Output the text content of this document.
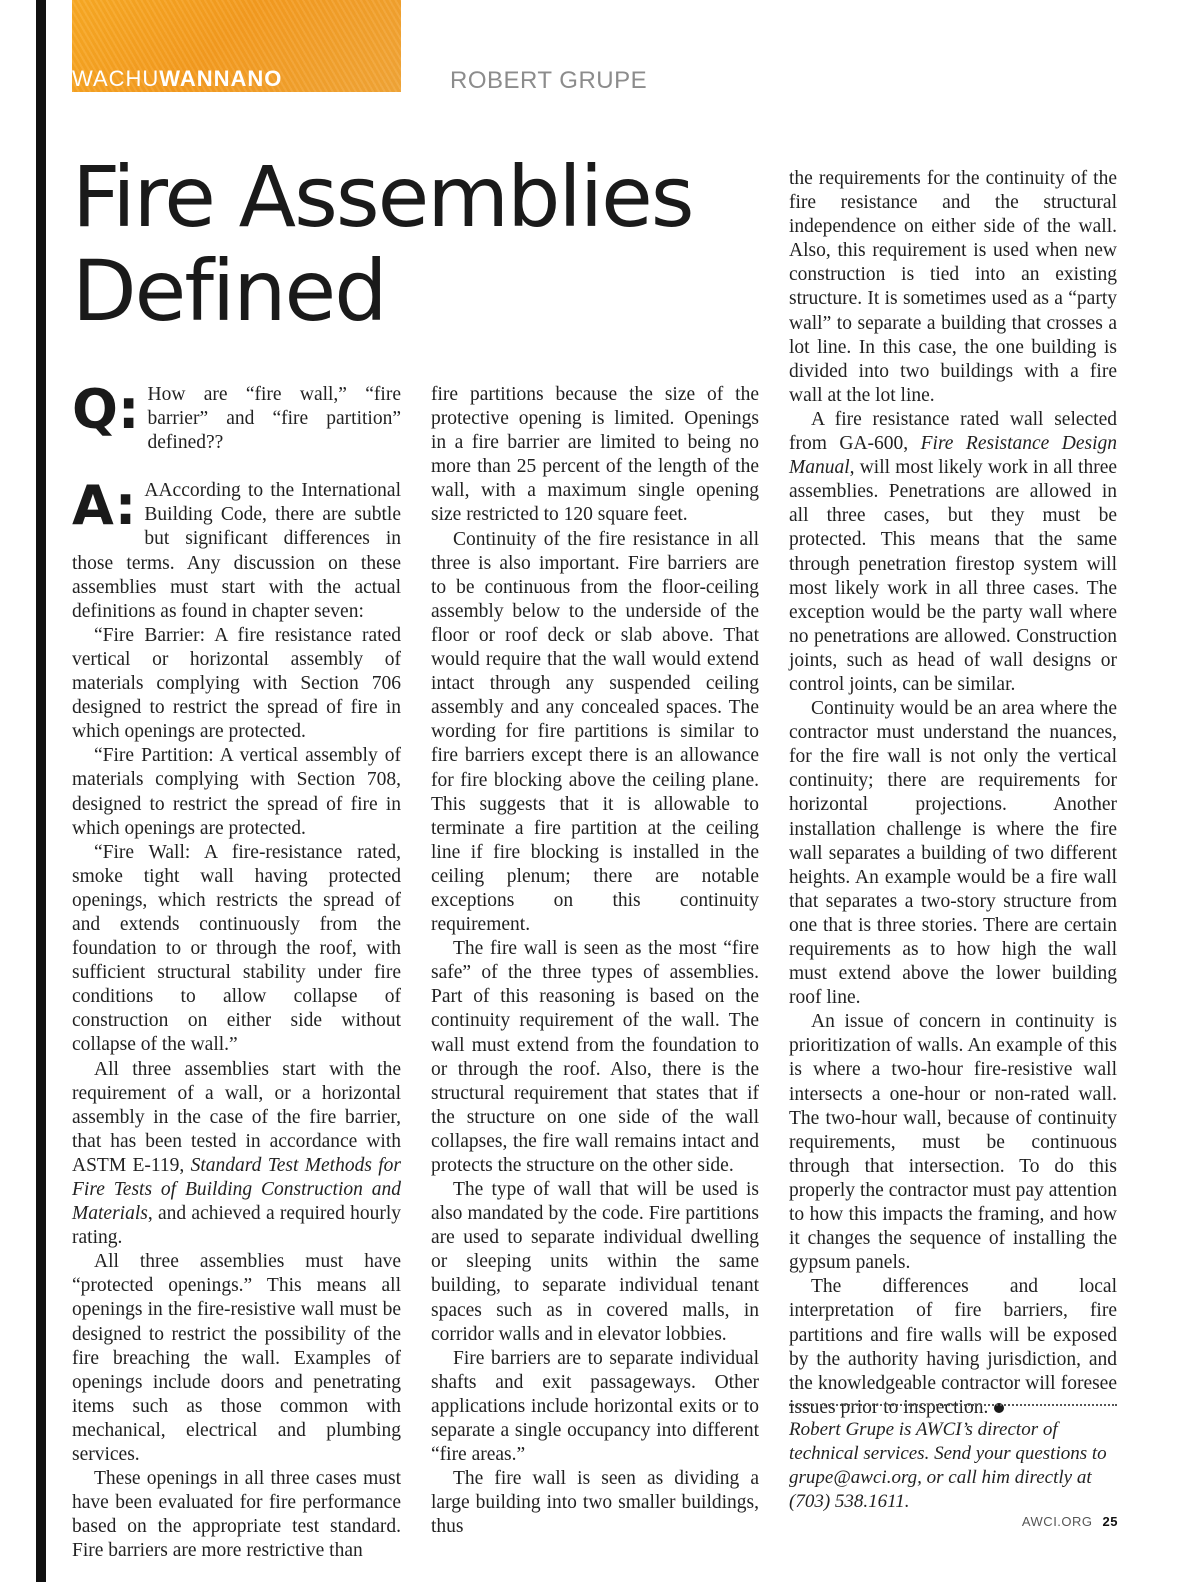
WACHUWANNANO	ROBERT GRUPE
Fire Assemblies
Defined

Q: How are “fire wall,” “fire barrier” and “fire partition” defined??

A: AAccording to the International Building Code, there are subtle but significant differences in those terms. Any discussion on these assemblies must start with the actual definitions as found in chapter seven:

“Fire Barrier: A fire resistance rated vertical or horizontal assembly of materials complying with Section 706 designed to restrict the spread of fire in which openings are protected.

“Fire Partition: A vertical assembly of materials complying with Section 708, designed to restrict the spread of fire in which openings are protected.

“Fire Wall: A fire-resistance rated, smoke tight wall having protected openings, which restricts the spread of and extends continuously from the foundation to or through the roof, with sufficient structural stability under fire conditions to allow collapse of construction on either side without collapse of the wall.”

All three assemblies start with the requirement of a wall, or a horizontal assembly in the case of the fire barrier, that has been tested in accordance with ASTM E-119, Standard Test Methods for Fire Tests of Building Construction and Materials, and achieved a required hourly rating.

All three assemblies must have “protected openings.” This means all openings in the fire-resistive wall must be designed to restrict the possibility of the fire breaching the wall. Examples of openings include doors and penetrating items such as those common with mechanical, electrical and plumbing services.

These openings in all three cases must have been evaluated for fire performance based on the appropriate test standard. Fire barriers are more restrictive than

fire partitions because the size of the protective opening is limited. Openings in a fire barrier are limited to being no more than 25 percent of the length of the wall, with a maximum single opening size restricted to 120 square feet.

Continuity of the fire resistance in all three is also important. Fire barriers are to be continuous from the floor-ceiling assembly below to the underside of the floor or roof deck or slab above. That would require that the wall would extend intact through any suspended ceiling assembly and any concealed spaces. The wording for fire partitions is similar to fire barriers except there is an allowance for fire blocking above the ceiling plane. This suggests that it is allowable to terminate a fire partition at the ceiling line if fire blocking is installed in the ceiling plenum; there are notable exceptions on this continuity requirement.

The fire wall is seen as the most “fire safe” of the three types of assemblies. Part of this reasoning is based on the continuity requirement of the wall. The wall must extend from the foundation to or through the roof. Also, there is the structural requirement that states that if the structure on one side of the wall collapses, the fire wall remains intact and protects the structure on the other side.

The type of wall that will be used is also mandated by the code. Fire partitions are used to separate individual dwelling or sleeping units within the same building, to separate individual tenant spaces such as in covered malls, in corridor walls and in elevator lobbies.

Fire barriers are to separate individual shafts and exit passageways. Other applications include horizontal exits or to separate a single occupancy into different “fire areas.”

The fire wall is seen as dividing a large building into two smaller buildings, thus

the requirements for the continuity of the fire resistance and the structural independence on either side of the wall. Also, this requirement is used when new construction is tied into an existing structure. It is sometimes used as a “party wall” to separate a building that crosses a lot line. In this case, the one building is divided into two buildings with a fire wall at the lot line.

A fire resistance rated wall selected from GA-600, Fire Resistance Design Manual, will most likely work in all three assemblies. Penetrations are allowed in all three cases, but they must be protected. This means that the same through penetration firestop system will most likely work in all three cases. The exception would be the party wall where no penetrations are allowed. Construction joints, such as head of wall designs or control joints, can be similar.

Continuity would be an area where the contractor must understand the nuances, for the fire wall is not only the vertical continuity; there are requirements for horizontal projections. Another installation challenge is where the fire wall separates a building of two different heights. An example would be a fire wall that separates a two-story structure from one that is three stories. There are certain requirements as to how high the wall must extend above the lower building roof line.

An issue of concern in continuity is prioritization of walls. An example of this is where a two-hour fire-resistive wall intersects a one-hour or non-rated wall. The two-hour wall, because of continuity requirements, must be continuous through that intersection. To do this properly the contractor must pay attention to how this impacts the framing, and how it changes the sequence of installing the gypsum panels.

The differences and local interpretation of fire barriers, fire partitions and fire walls will be exposed by the authority having jurisdiction, and the knowledgeable contractor will foresee issues prior to inspection.

Robert Grupe is AWCI’s director of technical services. Send your questions to grupe@awci.org, or call him directly at (703) 538.1611.
AWCI.ORG 25
